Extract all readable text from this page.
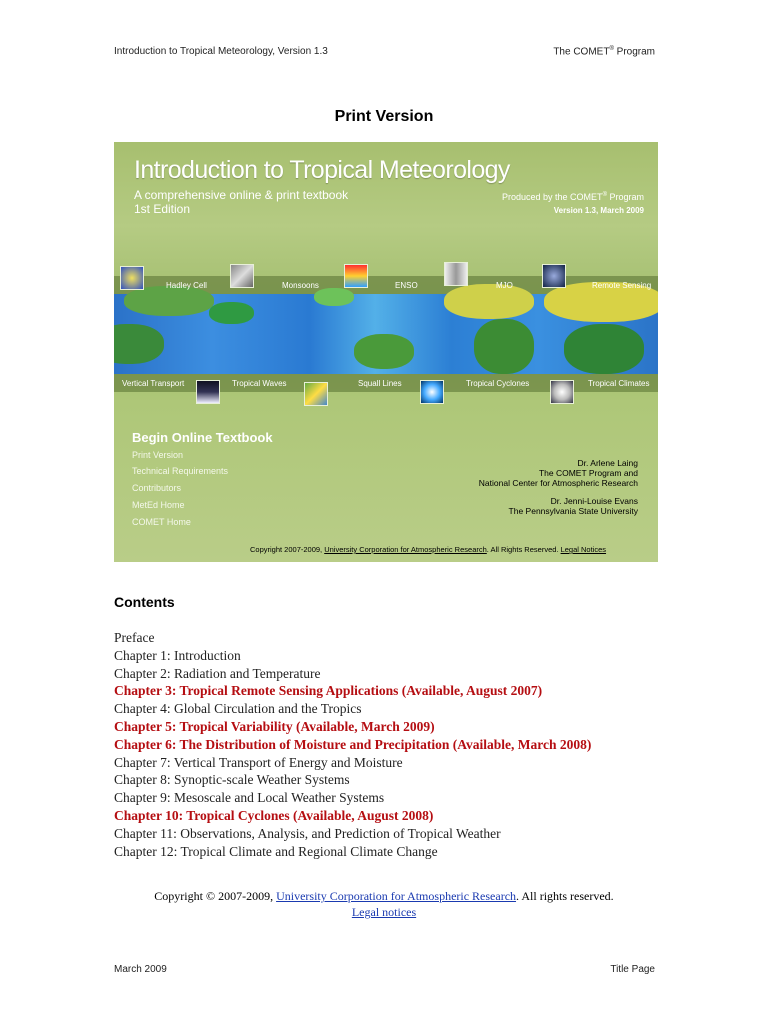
Introduction to Tropical Meteorology, Version 1.3	The COMET® Program
Print Version
Introduction to Tropical Meteorology
A comprehensive online & print textbook
1st Edition
Produced by the COMET® Program
Version 1.3, March 2009
Hadley Cell	Monsoons	ENSO	MJO	Remote Sensing
Vertical Transport	Tropical Waves	Squall Lines	Tropical Cyclones	Tropical Climates
Begin Online Textbook
Print Version
Technical Requirements
Contributors
MetEd Home
COMET Home
Dr. Arlene Laing
The COMET Program and
National Center for Atmospheric Research
Dr. Jenni-Louise Evans
The Pennsylvania State University
Copyright 2007-2009, University Corporation for Atmospheric Research. All Rights Reserved. Legal Notices
Contents
Preface
Chapter 1: Introduction
Chapter 2: Radiation and Temperature
Chapter 3: Tropical Remote Sensing Applications (Available, August 2007)
Chapter 4: Global Circulation and the Tropics
Chapter 5: Tropical Variability (Available, March 2009)
Chapter 6: The Distribution of Moisture and Precipitation (Available, March 2008)
Chapter 7: Vertical Transport of Energy and Moisture
Chapter 8: Synoptic-scale Weather Systems
Chapter 9: Mesoscale and Local Weather Systems
Chapter 10: Tropical Cyclones (Available, August 2008)
Chapter 11: Observations, Analysis, and Prediction of Tropical Weather
Chapter 12: Tropical Climate and Regional Climate Change
Copyright © 2007-2009, University Corporation for Atmospheric Research. All rights reserved.
Legal notices
March 2009	Title Page
